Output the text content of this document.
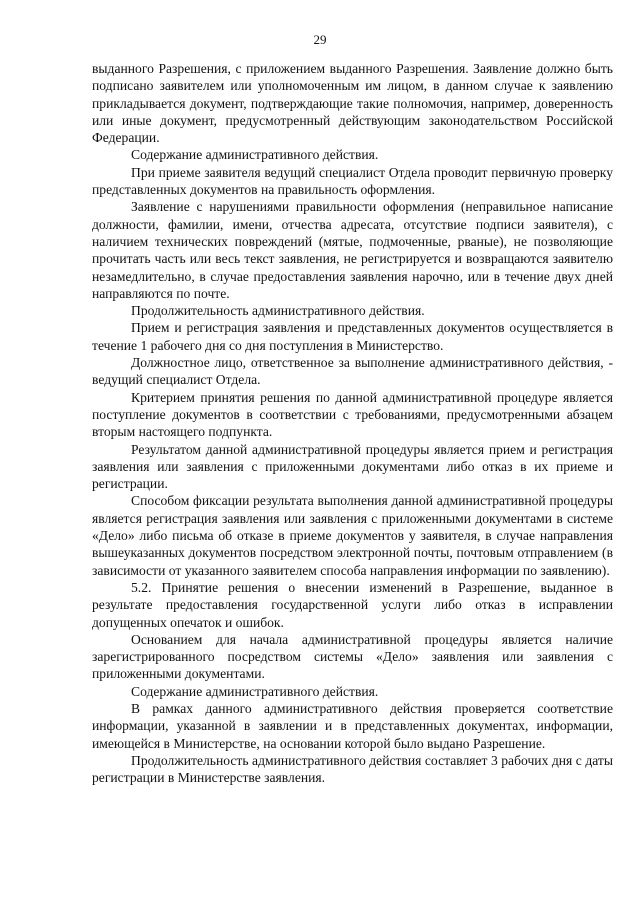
29

выданного Разрешения, с приложением выданного Разрешения. Заявление должно быть подписано заявителем или уполномоченным им лицом, в данном случае к заявлению прикладывается документ, подтверждающие такие полномочия, например, доверенность или иные документ, предусмотренный действующим законодательством Российской Федерации.

Содержание административного действия.

При приеме заявителя ведущий специалист Отдела проводит первичную проверку представленных документов на правильность оформления.

Заявление с нарушениями правильности оформления (неправильное написание должности, фамилии, имени, отчества адресата, отсутствие подписи заявителя), с наличием технических повреждений (мятые, подмоченные, рваные), не позволяющие прочитать часть или весь текст заявления, не регистрируется и возвращаются заявителю незамедлительно, в случае предоставления заявления нарочно, или в течение двух дней направляются по почте.

Продолжительность административного действия.

Прием и регистрация заявления и представленных документов осуществляется в течение 1 рабочего дня со дня поступления в Министерство.

Должностное лицо, ответственное за выполнение административного действия, - ведущий специалист Отдела.

Критерием принятия решения по данной административной процедуре является поступление документов в соответствии с требованиями, предусмотренными абзацем вторым настоящего подпункта.

Результатом данной административной процедуры является прием и регистрация заявления или заявления с приложенными документами либо отказ в их приеме и регистрации.

Способом фиксации результата выполнения данной административной процедуры является регистрация заявления или заявления с приложенными документами в системе «Дело» либо письма об отказе в приеме документов у заявителя, в случае направления вышеуказанных документов посредством электронной почты, почтовым отправлением (в зависимости от указанного заявителем способа направления информации по заявлению).

5.2. Принятие решения о внесении изменений в Разрешение, выданное в результате предоставления государственной услуги либо отказ в исправлении допущенных опечаток и ошибок.

Основанием для начала административной процедуры является наличие зарегистрированного посредством системы «Дело» заявления или заявления с приложенными документами.

Содержание административного действия.

В рамках данного административного действия проверяется соответствие информации, указанной в заявлении и в представленных документах, информации, имеющейся в Министерстве, на основании которой было выдано Разрешение.

Продолжительность административного действия составляет 3 рабочих дня с даты регистрации в Министерстве заявления.
